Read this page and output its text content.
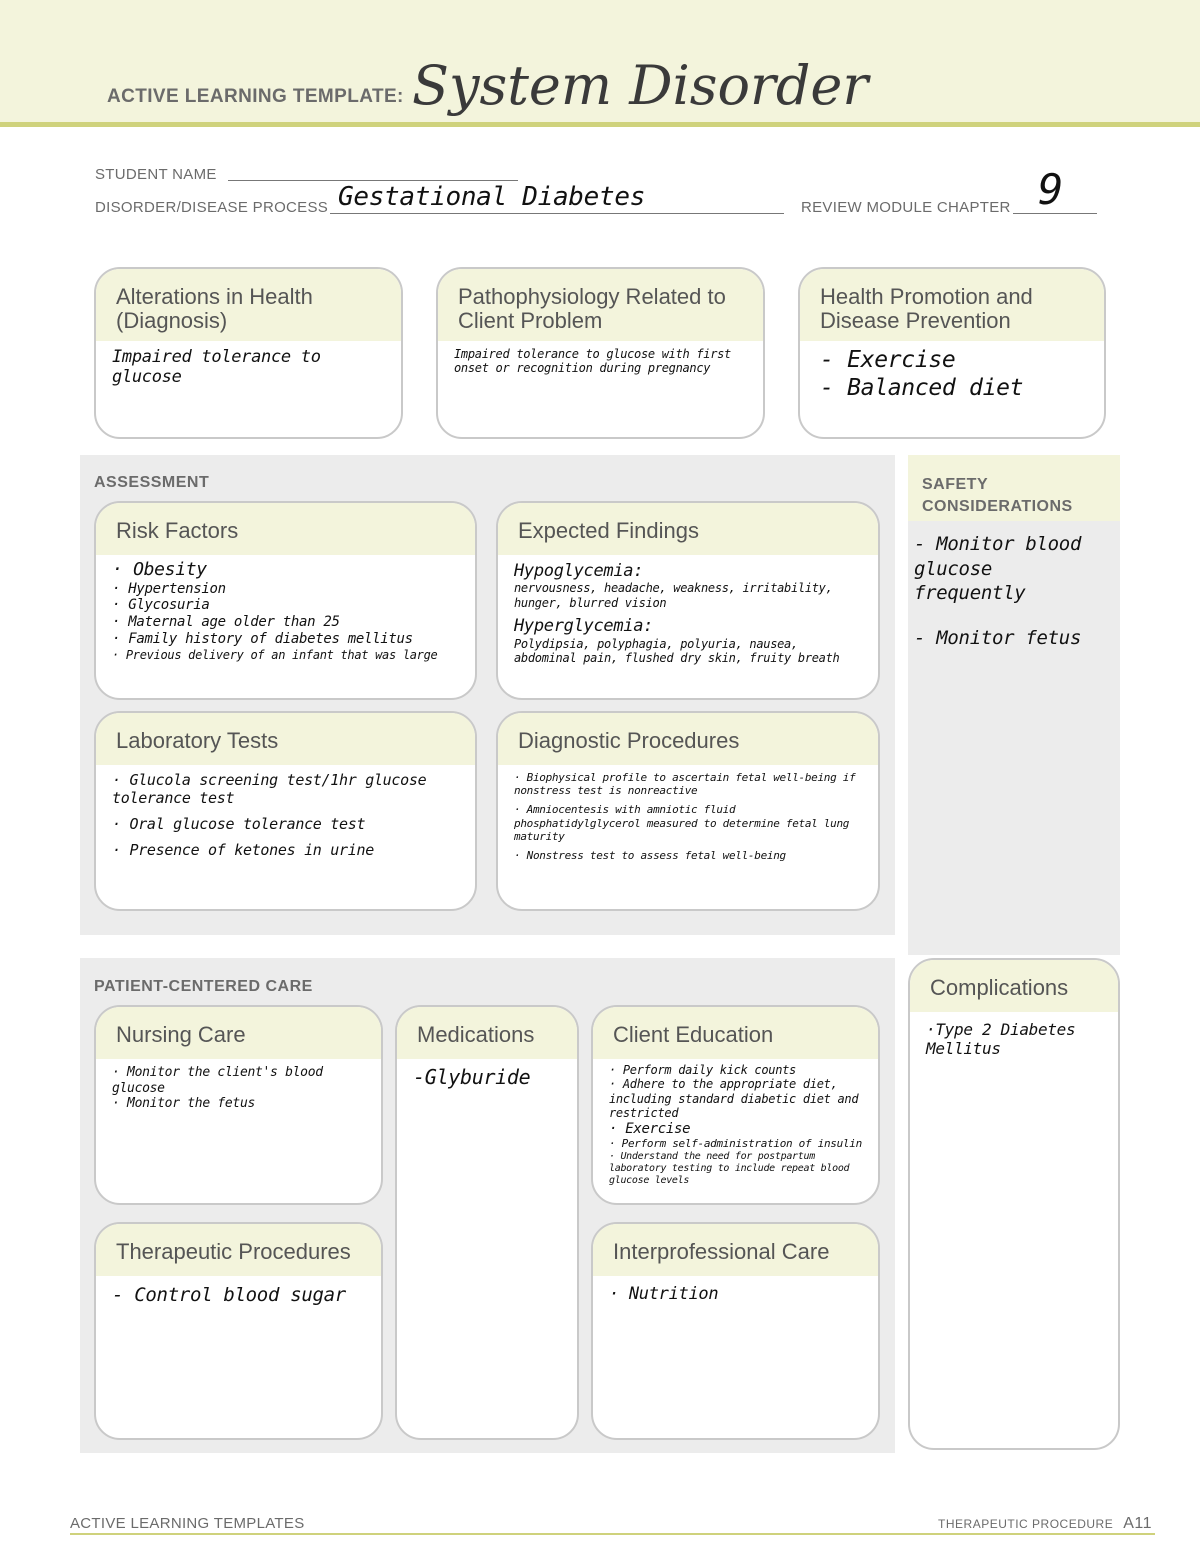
ACTIVE LEARNING TEMPLATE: System Disorder
STUDENT NAME
DISORDER/DISEASE PROCESS Gestational Diabetes	REVIEW MODULE CHAPTER 9
Alterations in Health (Diagnosis)
Impaired tolerance to glucose
Pathophysiology Related to Client Problem
Impaired tolerance to glucose with first
onset or recognition during pregnancy
Health Promotion and Disease Prevention
- Exercise
- Balanced diet
ASSESSMENT
Risk Factors
· Obesity
· Hypertension
· Glycosuria
· Maternal age older than 25
· Family history of diabetes mellitus
· Previous delivery of an infant that was large
Expected Findings
Hypoglycemia:
nervousness, headache, weakness, irritability, hunger, blurred vision
Hyperglycemia:
Polydipsia, polyphagia, polyuria, nausea, abdominal pain, flushed dry skin, fruity breath
Laboratory Tests
· Glucola screening test/1hr glucose tolerance test
· Oral glucose tolerance test
· Presence of ketones in urine
Diagnostic Procedures
· Biophysical profile to ascertain fetal well-being if nonstress test is nonreactive
· Amniocentesis with amniotic fluid phosphatidylglycerol measured to determine fetal lung maturity
· Nonstress test to assess fetal well-being
SAFETY CONSIDERATIONS
- Monitor blood glucose frequently
- Monitor fetus
PATIENT-CENTERED CARE
Nursing Care
· Monitor the client's blood glucose
· Monitor the fetus
Medications
-Glyburide
Client Education
· Perform daily kick counts
· Adhere to the appropriate diet, including standard diabetic diet and restricted
· Exercise
· Perform self-administration of insulin
· Understand the need for postpartum laboratory testing to include repeat blood glucose levels
Therapeutic Procedures
- Control blood sugar
Interprofessional Care
· Nutrition
Complications
·Type 2 Diabetes Mellitus
ACTIVE LEARNING TEMPLATES	THERAPEUTIC PROCEDURE A11
